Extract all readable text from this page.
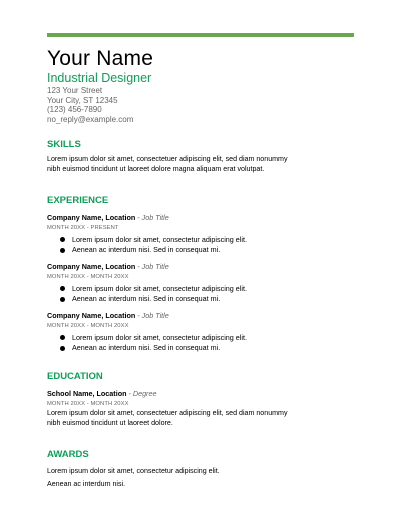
Your Name
Industrial Designer
123 Your Street
Your City, ST 12345
(123) 456-7890
no_reply@example.com
SKILLS
Lorem ipsum dolor sit amet, consectetuer adipiscing elit, sed diam nonummy
nibh euismod tincidunt ut laoreet dolore magna aliquam erat volutpat.
EXPERIENCE
Company Name, Location - Job Title
MONTH 20XX - PRESENT
Lorem ipsum dolor sit amet, consectetur adipiscing elit.
Aenean ac interdum nisi. Sed in consequat mi.
Company Name, Location - Job Title
MONTH 20XX - MONTH 20XX
Lorem ipsum dolor sit amet, consectetur adipiscing elit.
Aenean ac interdum nisi. Sed in consequat mi.
Company Name, Location - Job Title
MONTH 20XX - MONTH 20XX
Lorem ipsum dolor sit amet, consectetur adipiscing elit.
Aenean ac interdum nisi. Sed in consequat mi.
EDUCATION
School Name, Location - Degree
MONTH 20XX - MONTH 20XX
Lorem ipsum dolor sit amet, consectetuer adipiscing elit, sed diam nonummy
nibh euismod tincidunt ut laoreet dolore.
AWARDS
Lorem ipsum dolor sit amet, consectetur adipiscing elit.
Aenean ac interdum nisi.
